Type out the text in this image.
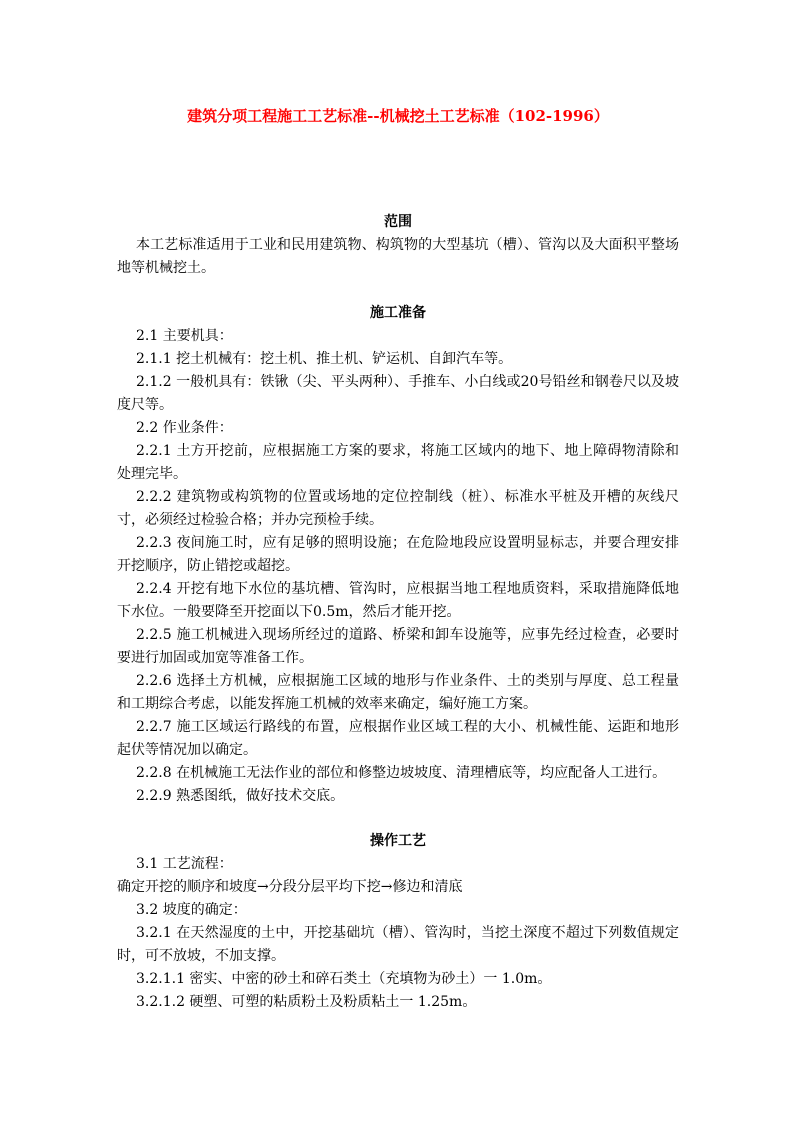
建筑分项工程施工工艺标准--机械挖土工艺标准（102-1996）
范围

本工艺标准适用于工业和民用建筑物、构筑物的大型基坑（槽）、管沟以及大面积平整场地等机械挖土。

施工准备

2.1 主要机具：

2.1.1 挖土机械有：挖土机、推土机、铲运机、自卸汽车等。

2.1.2 一般机具有：铁锹（尖、平头两种）、手推车、小白线或20号铅丝和钢卷尺以及坡度尺等。

2.2 作业条件：

2.2.1 土方开挖前，应根据施工方案的要求，将施工区域内的地下、地上障碍物清除和处理完毕。

2.2.2 建筑物或构筑物的位置或场地的定位控制线（桩）、标准水平桩及开槽的灰线尺寸，必须经过检验合格；并办完预检手续。

2.2.3 夜间施工时，应有足够的照明设施；在危险地段应设置明显标志，并要合理安排开挖顺序，防止错挖或超挖。

2.2.4 开挖有地下水位的基坑槽、管沟时，应根据当地工程地质资料，采取措施降低地下水位。一般要降至开挖面以下0.5m，然后才能开挖。

2.2.5 施工机械进入现场所经过的道路、桥梁和卸车设施等，应事先经过检查，必要时要进行加固或加宽等准备工作。

2.2.6 选择土方机械，应根据施工区域的地形与作业条件、土的类别与厚度、总工程量和工期综合考虑，以能发挥施工机械的效率来确定，编好施工方案。

2.2.7 施工区域运行路线的布置，应根据作业区域工程的大小、机械性能、运距和地形起伏等情况加以确定。

2.2.8 在机械施工无法作业的部位和修整边坡坡度、清理槽底等，均应配备人工进行。

2.2.9 熟悉图纸，做好技术交底。

操作工艺

3.1 工艺流程：

确定开挖的顺序和坡度→分段分层平均下挖→修边和清底

3.2 坡度的确定：

3.2.1 在天然湿度的土中，开挖基础坑（槽）、管沟时，当挖土深度不超过下列数值规定时，可不放坡，不加支撑。

3.2.1.1 密实、中密的砂土和碎石类土（充填物为砂土）一 1.0m。

3.2.1.2 硬塑、可塑的粘质粉土及粉质粘土一 1.25m。
